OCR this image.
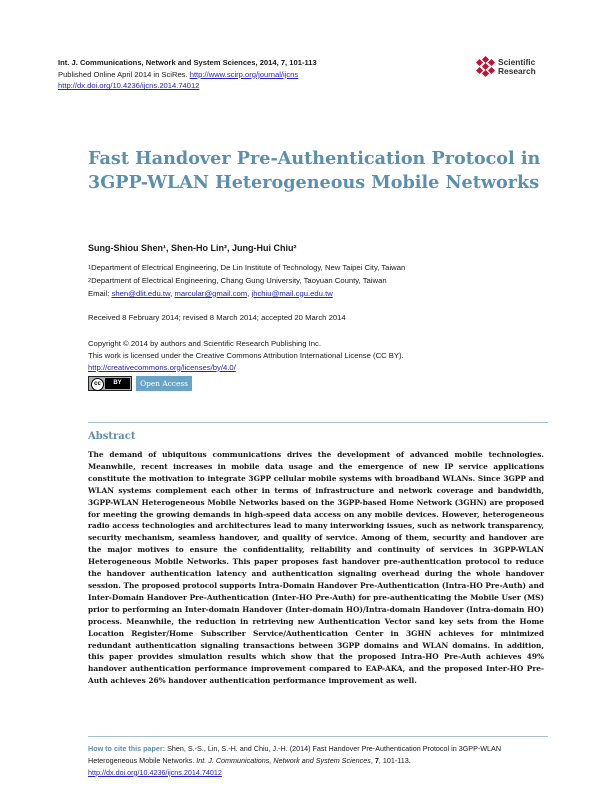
Int. J. Communications, Network and System Sciences, 2014, 7, 101-113
Published Online April 2014 in SciRes. http://www.scirp.org/journal/ijcns
http://dx.doi.org/10.4236/ijcns.2014.74012
Scientific
Research
Fast Handover Pre-Authentication Protocol in 3GPP-WLAN Heterogeneous Mobile Networks
Sung-Shiou Shen¹, Shen-Ho Lin², Jung-Hui Chiu²
$^1$Department of Electrical Engineering, De Lin Institute of Technology, New Taipei City, Taiwan
$^2$Department of Electrical Engineering, Chang Gung University, Taoyuan County, Taiwan
Email: shen@dlit.edu.tw, marcular@gmail.com, jhchiu@mail.cgu.edu.tw
Received 8 February 2014; revised 8 March 2014; accepted 20 March 2014
Copyright © 2014 by authors and Scientific Research Publishing Inc.
This work is licensed under the Creative Commons Attribution International License (CC BY).
http://creativecommons.org/licenses/by/4.0/
cc	BY	Open Access
Abstract
The demand of ubiquitous communications drives the development of advanced mobile technologies. Meanwhile, recent increases in mobile data usage and the emergence of new IP service applications constitute the motivation to integrate 3GPP cellular mobile systems with broadband WLANs. Since 3GPP and WLAN systems complement each other in terms of infrastructure and network coverage and bandwidth, 3GPP-WLAN Heterogeneous Mobile Networks based on the 3GPP-based Home Network (3GHN) are proposed for meeting the growing demands in high-speed data access on any mobile devices. However, heterogeneous radio access technologies and architectures lead to many interworking issues, such as network transparency, security mechanism, seamless handover, and quality of service. Among of them, security and handover are the major motives to ensure the confidentiality, reliability and continuity of services in 3GPP-WLAN Heterogeneous Mobile Networks. This paper proposes fast handover pre-authentication protocol to reduce the handover authentication latency and authentication signaling overhead during the whole handover session. The proposed protocol supports Intra-Domain Handover Pre-Authentication (Intra-HO Pre-Auth) and Inter-Domain Handover Pre-Authentication (Inter-HO Pre-Auth) for pre-authenticating the Mobile User (MS) prior to performing an Inter-domain Handover (Inter-domain HO)/Intra-domain Handover (Intra-domain HO) process. Meanwhile, the reduction in retrieving new Authentication Vector sand key sets from the Home Location Register/Home Subscriber Service/Authentication Center in 3GHN achieves for minimized redundant authentication signaling transactions between 3GPP domains and WLAN domains. In addition, this paper provides simulation results which show that the proposed Intra-HO Pre-Auth achieves 49% handover authentication performance improvement compared to EAP-AKA, and the proposed Inter-HO Pre-Auth achieves 26% handover authentication performance improvement as well.
How to cite this paper: Shen, S.-S., Lin, S.-H. and Chiu, J.-H. (2014) Fast Handover Pre-Authentication Protocol in 3GPP-WLAN Heterogeneous Mobile Networks. Int. J. Communications, Network and System Sciences, 7, 101-113.
http://dx.doi.org/10.4236/ijcns.2014.74012
